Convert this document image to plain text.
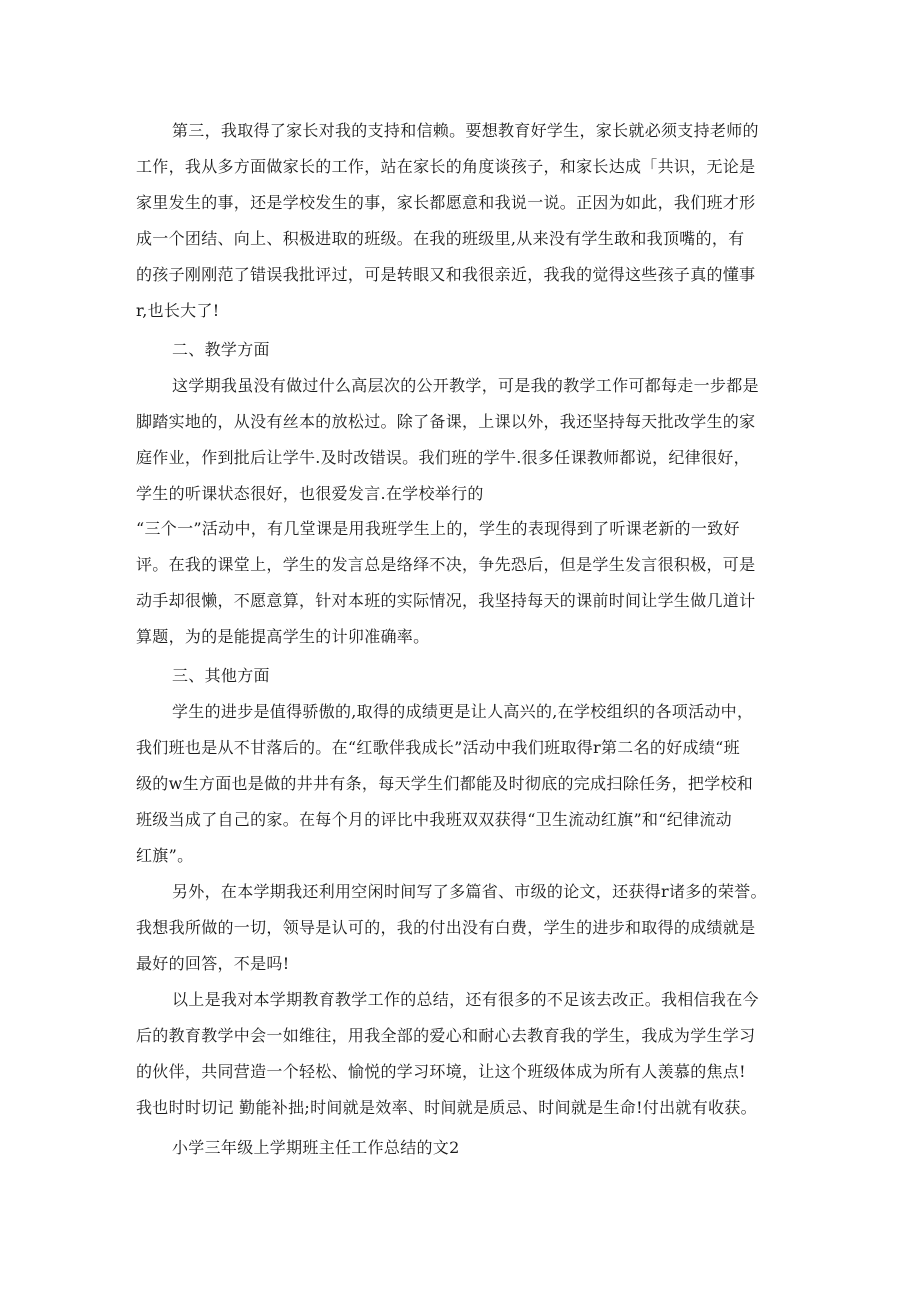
第三，我取得了家长对我的支持和信赖。要想教育好学生，家长就必须支持老师的
工作，我从多方面做家长的工作，站在家长的角度谈孩子，和家长达成「共识，无论是
家里发生的事，还是学校发生的事，家长都愿意和我说一说。正因为如此，我们班才形
成一个团结、向上、积极进取的班级。在我的班级里,从来没有学生敢和我顶嘴的，有
的孩子刚刚范了错误我批评过，可是转眼又和我很亲近，我我的觉得这些孩子真的懂事
r,也长大了!
二、教学方面
这学期我虽没有做过什么高层次的公开教学，可是我的教学工作可都每走一步都是
脚踏实地的，从没有丝本的放松过。除了备课，上课以外，我还坚持每天批改学生的家
庭作业，作到批后让学牛.及时改错误。我们班的学牛.很多任课教师都说，纪律很好，
学生的听课状态很好，也很爱发言.在学校举行的
“三个一”活动中，有几堂课是用我班学生上的，学生的表现得到了听课老新的一致好
评。在我的课堂上，学生的发言总是络绎不决，争先恐后，但是学生发言很积极，可是
动手却很懒，不愿意算，针对本班的实际情况，我坚持每天的课前时间让学生做几道计
算题，为的是能提高学生的计卯准确率。
三、其他方面
学生的进步是值得骄傲的,取得的成绩更是让人高兴的,在学校组织的各项活动中，
我们班也是从不甘落后的。在“红歌伴我成长”活动中我们班取得r第二名的好成绩“班
级的w生方面也是做的井井有条，每天学生们都能及时彻底的完成扫除任务，把学校和
班级当成了自己的家。在每个月的评比中我班双双获得“卫生流动红旗”和“纪律流动
红旗”。
另外，在本学期我还利用空闲时间写了多篇省、市级的论文，还获得r诸多的荣誉。
我想我所做的一切，领导是认可的，我的付出没有白费，学生的进步和取得的成绩就是
最好的回答，不是吗!
以上是我对本学期教育教学工作的总结，还有很多的不足该去改正。我相信我在今
后的教育教学中会一如维往，用我全部的爱心和耐心去教育我的学生，我成为学生学习
的伙伴，共同营造一个轻松、愉悦的学习环境，让这个班级体成为所有人羡慕的焦点!
我也时时切记 勤能补拙;时间就是效率、时间就是质忌、时间就是生命!付出就有收获。
小学三年级上学期班主任工作总结的文2
